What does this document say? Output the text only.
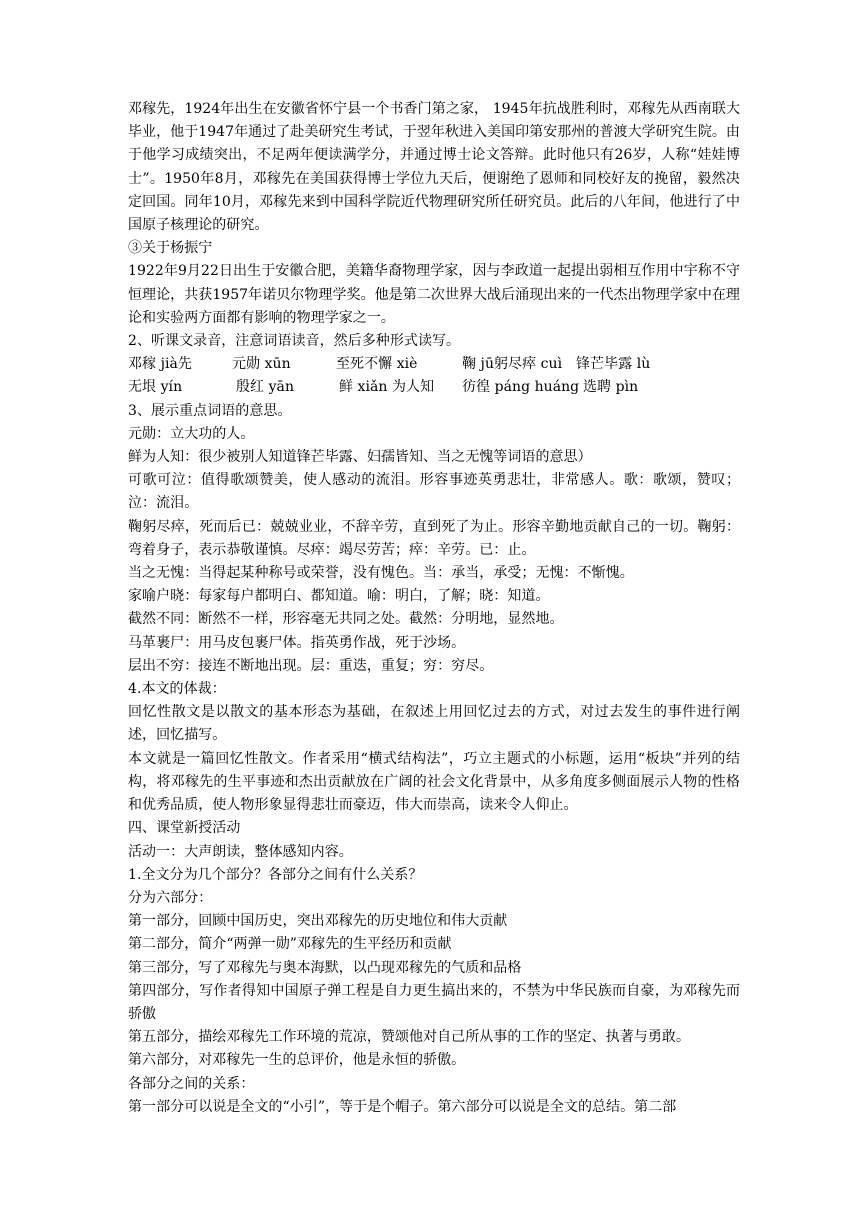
邓稼先，1924年出生在安徽省怀宁县一个书香门第之家， 1945年抗战胜利时，邓稼先从西南联大毕业，他于1947年通过了赴美研究生考试，于翌年秋进入美国印第安那州的普渡大学研究生院。由于他学习成绩突出，不足两年便读满学分，并通过博士论文答辩。此时他只有26岁，人称“娃娃博士”。1950年8月，邓稼先在美国获得博士学位九天后，便谢绝了恩师和同校好友的挽留，毅然决定回国。同年10月，邓稼先来到中国科学院近代物理研究所任研究员。此后的八年间，他进行了中国原子核理论的研究。

③关于杨振宁

1922年9月22日出生于安徽合肥，美籍华裔物理学家，因与李政道一起提出弱相互作用中宇称不守恒理论，共获1957年诺贝尔物理学奖。他是第二次世界大战后涌现出来的一代杰出物理学家中在理论和实验两方面都有影响的物理学家之一。

2、听课文录音，注意词语读音，然后多种形式读写。

邓稼 jià先	元勋 xūn	至死不懈 xiè	鞠 jū躬尽瘁 cuì 锋芒毕露 lù
无垠 yín	殷红 yān	鲜 xiǎn 为人知	彷徨 páng huáng 选聘 pìn

3、展示重点词语的意思。

元勋：立大功的人。

鲜为人知：很少被别人知道锋芒毕露、妇孺皆知、当之无愧等词语的意思）

可歌可泣：值得歌颂赞美，使人感动的流泪。形容事迹英勇悲壮，非常感人。歌：歌颂，赞叹；泣：流泪。

鞠躬尽瘁，死而后已：兢兢业业，不辞辛劳，直到死了为止。形容辛勤地贡献自己的一切。鞠躬：弯着身子，表示恭敬谨慎。尽瘁：竭尽劳苦；瘁：辛劳。已：止。

当之无愧：当得起某种称号或荣誉，没有愧色。当：承当，承受；无愧：不惭愧。

家喻户晓：每家每户都明白、都知道。喻：明白，了解；晓：知道。

截然不同：断然不一样，形容毫无共同之处。截然：分明地，显然地。

马革裹尸：用马皮包裹尸体。指英勇作战，死于沙场。

层出不穷：接连不断地出现。层：重迭，重复；穷：穷尽。

4.本文的体裁：

回忆性散文是以散文的基本形态为基础，在叙述上用回忆过去的方式，对过去发生的事件进行阐述，回忆描写。

本文就是一篇回忆性散文。作者采用“横式结构法”，巧立主题式的小标题，运用“板块”并列的结构，将邓稼先的生平事迹和杰出贡献放在广阔的社会文化背景中，从多角度多侧面展示人物的性格和优秀品质，使人物形象显得悲壮而豪迈，伟大而崇高，读来令人仰止。

四、课堂新授活动

活动一：大声朗读，整体感知内容。

1.全文分为几个部分？各部分之间有什么关系？

分为六部分：

第一部分，回顾中国历史，突出邓稼先的历史地位和伟大贡献

第二部分，简介“两弹一勋”邓稼先的生平经历和贡献

第三部分，写了邓稼先与奥本海默，以凸现邓稼先的气质和品格

第四部分，写作者得知中国原子弹工程是自力更生搞出来的，不禁为中华民族而自豪，为邓稼先而骄傲

第五部分，描绘邓稼先工作环境的荒凉，赞颂他对自己所从事的工作的坚定、执著与勇敢。

第六部分，对邓稼先一生的总评价，他是永恒的骄傲。

各部分之间的关系：

第一部分可以说是全文的“小引”，等于是个帽子。第六部分可以说是全文的总结。第二部
